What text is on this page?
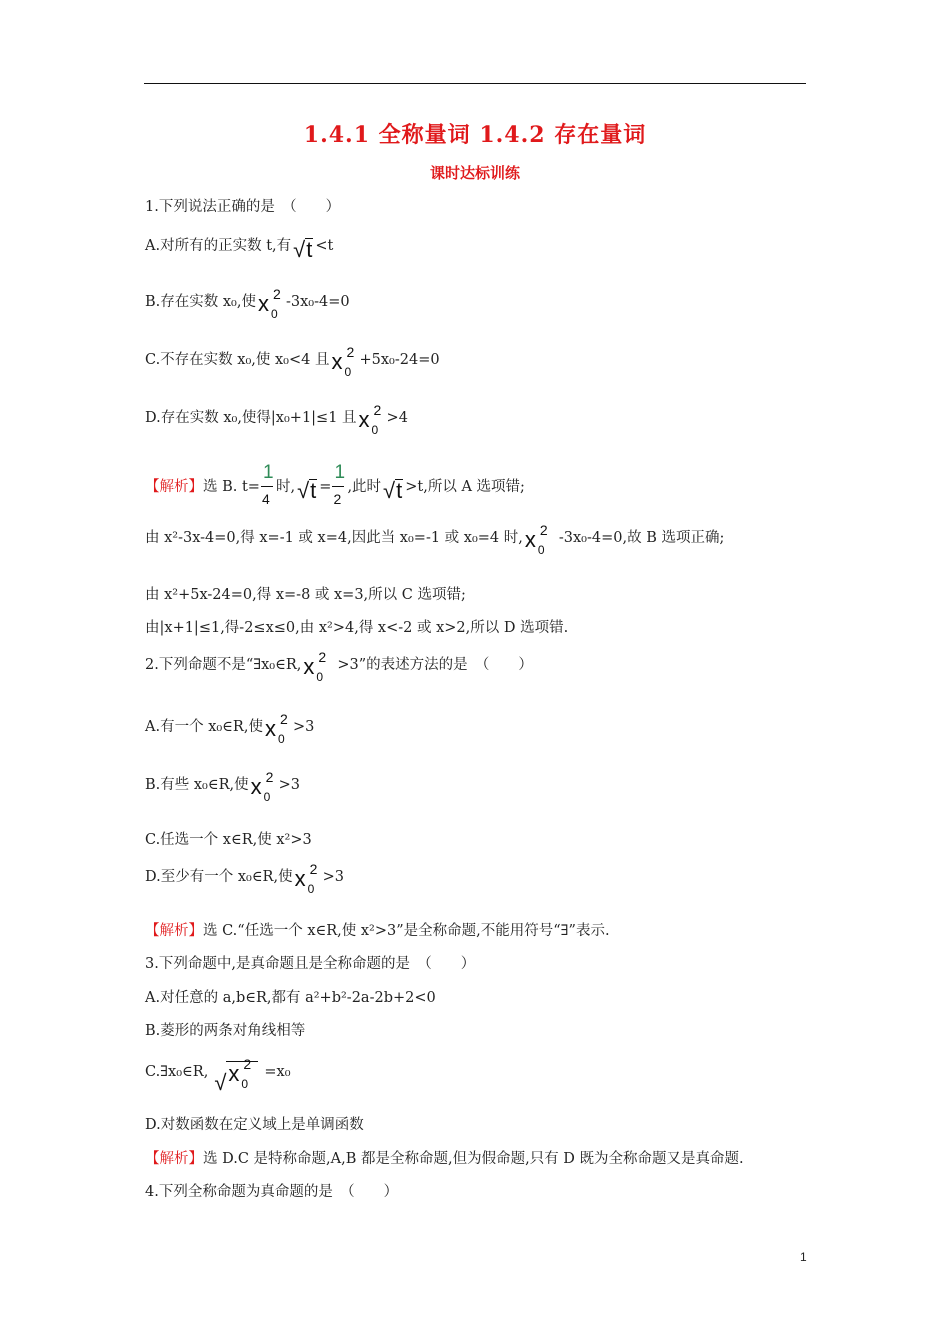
1.4.1 全称量词 1.4.2 存在量词
课时达标训练
1.下列说法正确的是　（　　）
A.对所有的正实数 t,有√t <t
B.存在实数 x₀,使 x 2
0
-3x₀-4=0
C.不存在实数 x₀,使 x₀<4 且 x 2
0
+5x₀-24=0
D.存在实数 x₀,使得|x₀+1|≤1 且 x 2
0
>4
【解析】选 B. $t= \frac{1}{4}$ 时$,√t = \frac{1}{2}$ ,此时√t >t,所以 A 选项错;
由 x²-3x-4=0,得 x=-1 或 x=4,因此当 x₀=-1 或 x₀=4 时, x 2
0
-3x₀-4=0,故 B 选项正确;
由 x²+5x-24=0,得 x=-8 或 x=3,所以 C 选项错;
由|x+1|≤1,得-2≤x≤0,由 x²>4,得 x<-2 或 x>2,所以 D 选项错.
2.下列命题不是“∃x₀∈R, x 2
0
>3”的表述方法的是　（　　）
A.有一个 x₀∈R,使 x 2
0
>3
B.有些 x₀∈R,使 x 2
0
>3
C.任选一个 x∈R,使 x²>3
D.至少有一个 x₀∈R,使 x 2
0
>3
【解析】选 C.“任选一个 x∈R,使 x²>3”是全称命题,不能用符号“∃”表示.
3.下列命题中,是真命题且是全称命题的是　（　　）
A.对任意的 a,b∈R,都有 a²+b²-2a-2b+2<0
B.菱形的两条对角线相等
C.∃x₀∈R, √ x 2
0
=x₀
D.对数函数在定义域上是单调函数
【解析】选 D.C 是特称命题,A,B 都是全称命题,但为假命题,只有 D 既为全称命题又是真命题.
4.下列全称命题为真命题的是　（　　）
1
